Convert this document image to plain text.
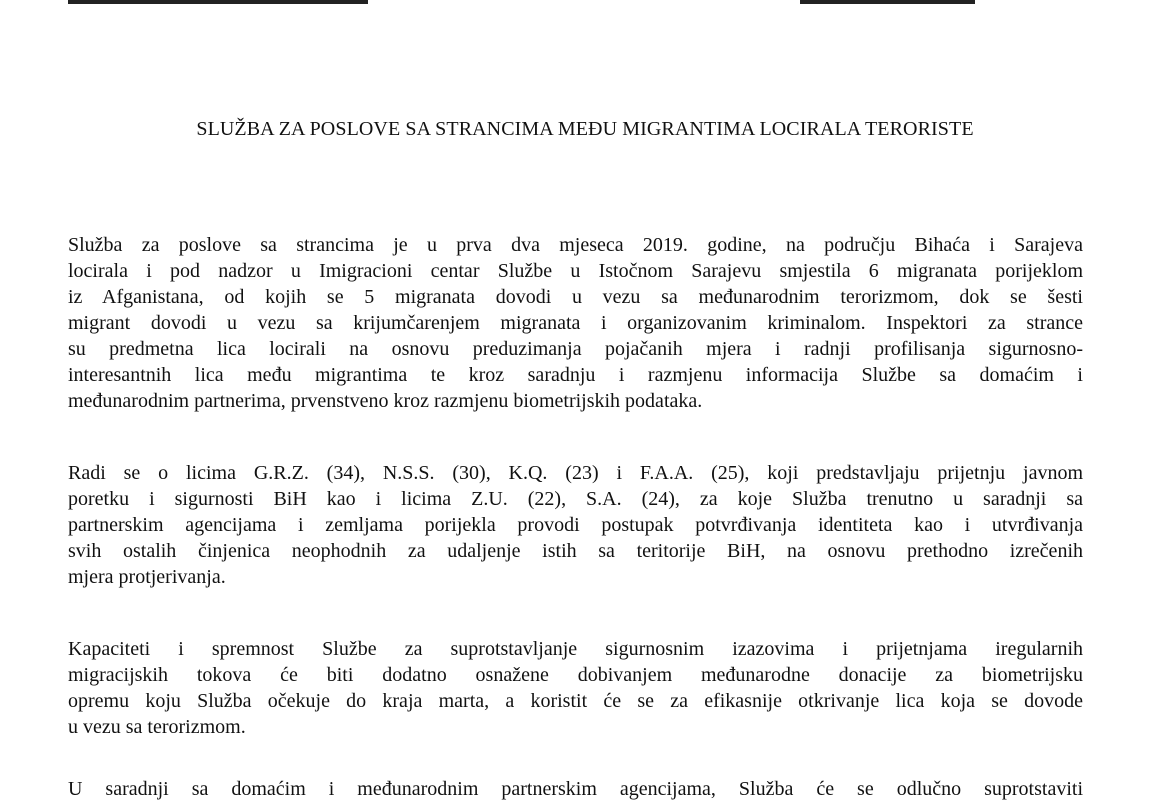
SLUŽBA ZA POSLOVE SA STRANCIMA MEĐU MIGRANTIMA LOCIRALA TERORISTE
Služba za poslove sa strancima je u prva dva mjeseca 2019. godine, na području Bihaća i Sarajeva
locirala i pod nadzor u Imigracioni centar Službe u Istočnom Sarajevu smjestila 6 migranata porijeklom
iz Afganistana, od kojih se 5 migranata dovodi u vezu sa međunarodnim terorizmom, dok se šesti
migrant dovodi u vezu sa krijumčarenjem migranata i organizovanim kriminalom. Inspektori za strance
su predmetna lica locirali na osnovu preduzimanja pojačanih mjera i radnji profilisanja sigurnosno-
interesantnih lica među migrantima te kroz saradnju i razmjenu informacija Službe sa domaćim i
međunarodnim partnerima, prvenstveno kroz razmjenu biometrijskih podataka.
Radi se o licima G.R.Z. (34), N.S.S. (30), K.Q. (23) i F.A.A. (25), koji predstavljaju prijetnju javnom
poretku i sigurnosti BiH kao i licima Z.U. (22), S.A. (24), za koje Služba trenutno u saradnji sa
partnerskim agencijama i zemljama porijekla provodi postupak potvrđivanja identiteta kao i utvrđivanja
svih ostalih činjenica neophodnih za udaljenje istih sa teritorije BiH, na osnovu prethodno izrečenih
mjera protjerivanja.
Kapaciteti i spremnost Službe za suprotstavljanje sigurnosnim izazovima i prijetnjama iregularnih
migracijskih tokova će biti dodatno osnažene dobivanjem međunarodne donacije za biometrijsku
opremu koju Služba očekuje do kraja marta, a koristit će se za efikasnije otkrivanje lica koja se dovode
u vezu sa terorizmom.
U saradnji sa domaćim i međunarodnim partnerskim agencijama, Služba će se odlučno suprotstaviti
